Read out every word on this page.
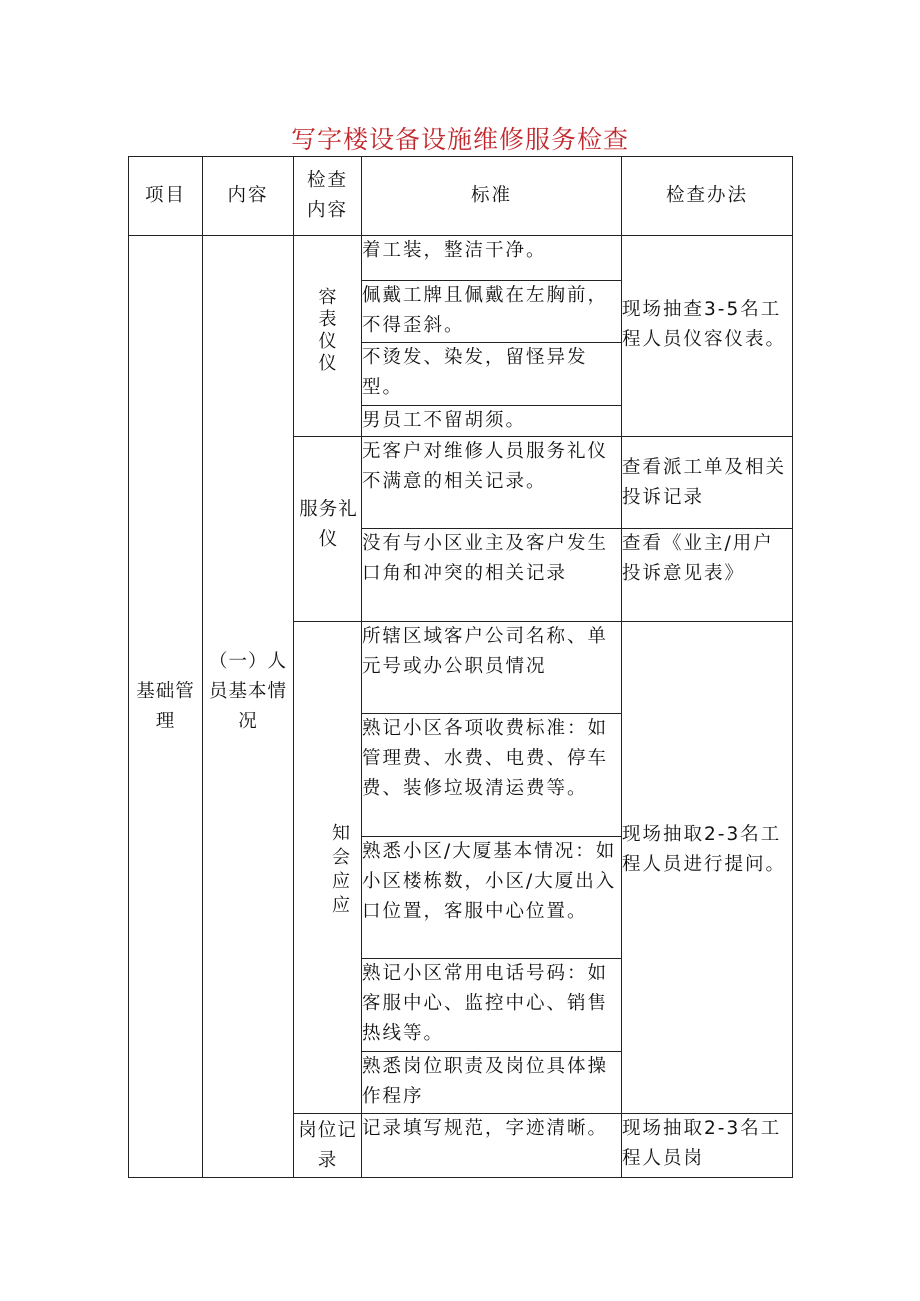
写字楼设备设施维修服务检查
项目	内容	检查内容	标准	检查办法
基础管理	（一）人员基本情况	容表仪仪	着工装，整洁干净。	现场抽查3-5名工程人员仪容仪表。
			佩戴工牌且佩戴在左胸前，不得歪斜。	
			不烫发、染发，留怪异发型。	
			男员工不留胡须。	
		服务礼仪	无客户对维修人员服务礼仪不满意的相关记录。	查看派工单及相关投诉记录
			没有与小区业主及客户发生口角和冲突的相关记录	查看《业主/用户投诉意见表》
		知会应应	所辖区域客户公司名称、单元号或办公职员情况	现场抽取2-3名工程人员进行提问。
			熟记小区各项收费标准：如管理费、水费、电费、停车费、装修垃圾清运费等。	
			熟悉小区/大厦基本情况：如小区楼栋数，小区/大厦出入口位置，客服中心位置。	
			熟记小区常用电话号码：如客服中心、监控中心、销售热线等。	
			熟悉岗位职责及岗位具体操作程序	
		岗位记录	记录填写规范，字迹清晰。	现场抽取2-3名工程人员岗
